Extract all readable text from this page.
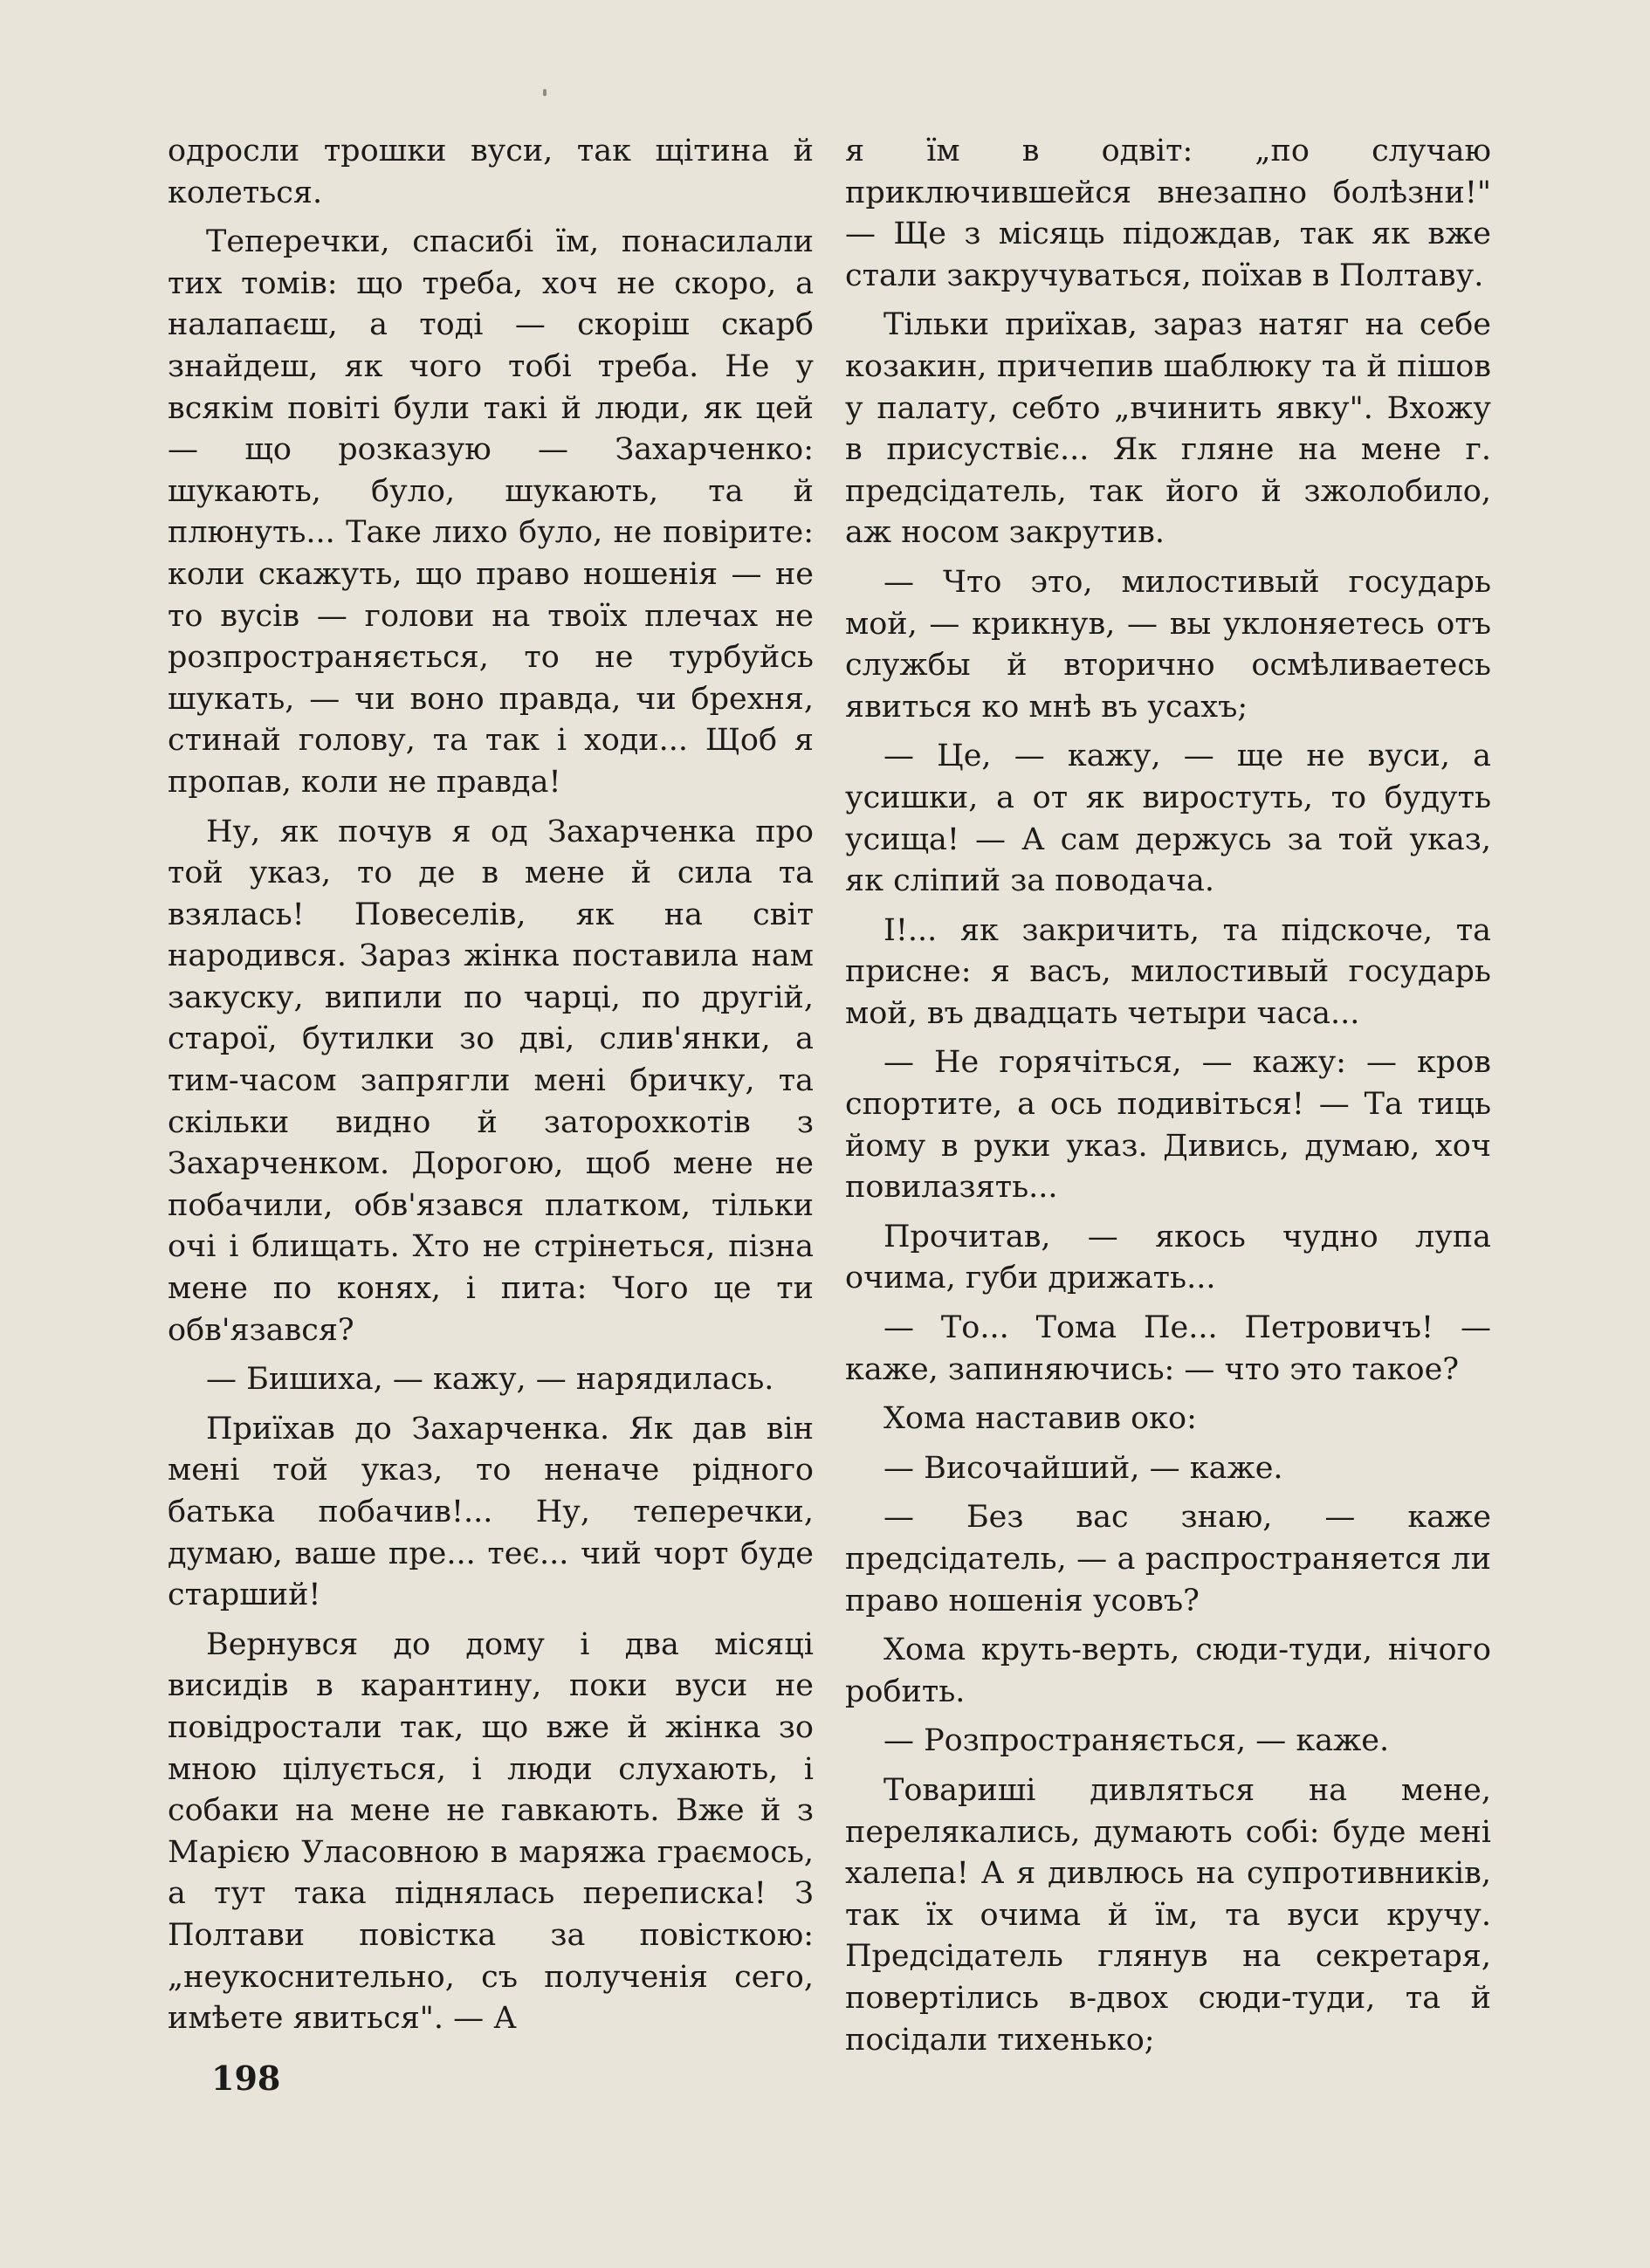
одросли трошки вуси, так щітина й колеться.

Теперечки, спасибі їм, понасилали тих томів: що треба, хоч не скоро, а налапаєш, а тоді — скоріш скарб знайдеш, як чого тобі треба. Не у всякім повіті були такі й люди, як цей — що розказую — Захарченко: шукають, було, шукають, та й плюнуть... Таке лихо було, не повірите: коли скажуть, що право ношенія — не то вусів — голови на твоїх плечах не розпространяється, то не турбуйсь шукать, — чи воно правда, чи брехня, стинай голову, та так і ходи... Щоб я пропав, коли не правда!

Ну, як почув я од Захарченка про той указ, то де в мене й сила та взялась! Повеселів, як на світ народився. Зараз жінка поставила нам закуску, випили по чарці, по другій, старої, бутилки зо дві, слив'янки, а тим-часом запрягли мені бричку, та скільки видно й заторохкотів з Захарченком. Дорогою, щоб мене не побачили, обв'язався платком, тільки очі і блищать. Хто не стрінеться, пізна мене по конях, і пита: Чого це ти обв'язався?

— Бишиха, — кажу, — нарядилась.

Приїхав до Захарченка. Як дав він мені той указ, то неначе рідного батька побачив!... Ну, теперечки, думаю, ваше пре... теє... чий чорт буде старший!

Вернувся до дому і два місяці висидів в карантину, поки вуси не повідростали так, що вже й жінка зо мною цілується, і люди слухають, і собаки на мене не гавкають. Вже й з Марією Уласовною в маряжа граємось, а тут така піднялась переписка! З Полтави повістка за повісткою: „неукоснительно, съ полученія сего, имѣете явиться". — А

я їм в одвіт: „по случаю приключившейся внезапно болѣзни!" — Ще з місяць підождав, так як вже стали закручуваться, поїхав в Полтаву.

Тільки приїхав, зараз натяг на себе козакин, причепив шаблюку та й пішов у палату, себто „вчинить явку". Вхожу в присуствіє... Як гляне на мене г. предсідатель, так його й зжолобило, аж носом закрутив.

— Что это, милостивый государь мой, — крикнув, — вы уклоняетесь отъ службы й вторично осмѣливаетесь явиться ко мнѣ въ усахъ;

— Це, — кажу, — ще не вуси, а усишки, а от як виростуть, то будуть усища! — А сам держусь за той указ, як сліпий за поводача.

І!... як закричить, та підскоче, та присне: я васъ, милостивый государь мой, въ двадцать четыри часа...

— Не горячіться, — кажу: — кров спортите, а ось подивіться! — Та тиць йому в руки указ. Дивись, думаю, хоч повилазять...

Прочитав, — якось чудно лупа очима, губи дрижать...

— То... Тома Пе... Петровичъ! — каже, запиняючись: — что это такое?

Хома наставив око:

— Височайший, — каже.

— Без вас знаю, — каже предсідатель, — а распространяется ли право ношенія усовъ?

Хома круть-верть, сюди-туди, нічого робить.

— Розпространяється, — каже.

Товариші дивляться на мене, перелякались, думають собі: буде мені халепа! А я дивлюсь на супротивників, так їх очима й їм, та вуси кручу. Предсідатель глянув на секретаря, повертілись в-двох сюди-туди, та й посідали тихенько;

198
